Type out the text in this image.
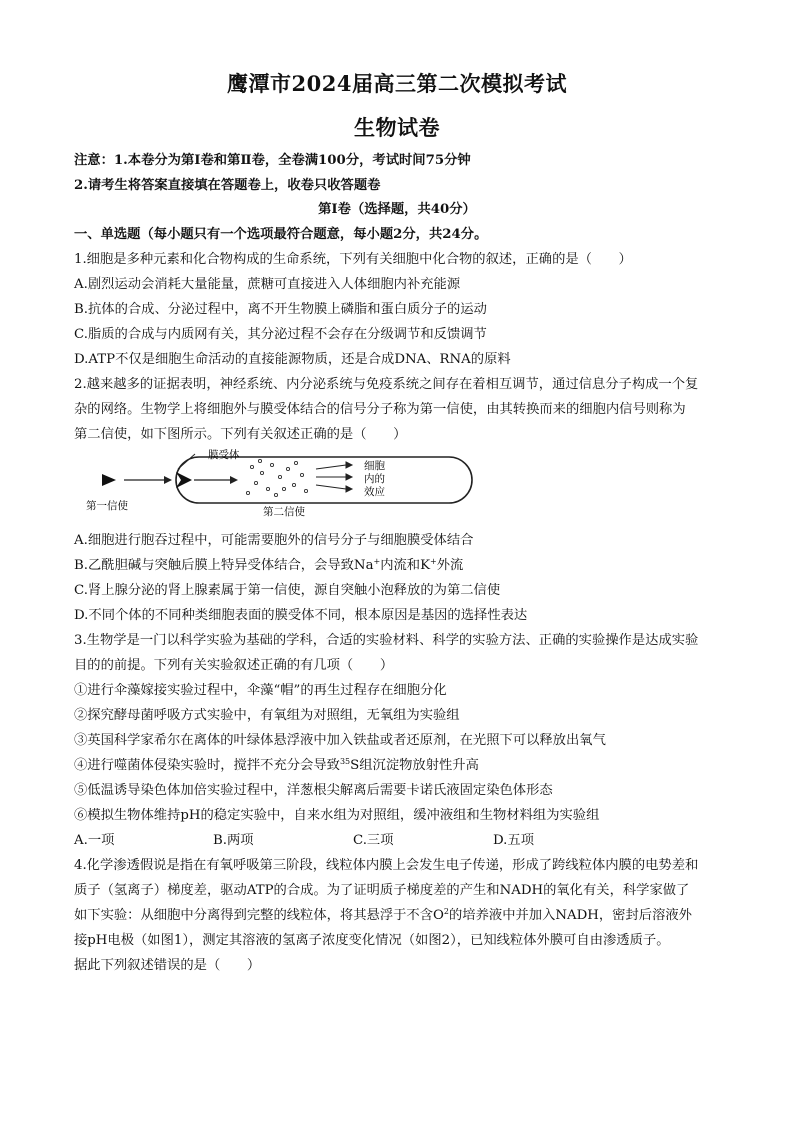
鹰潭市2024届高三第二次模拟考试
生物试卷
注意：1.本卷分为第Ⅰ卷和第Ⅱ卷，全卷满100分，考试时间75分钟
2.请考生将答案直接填在答题卷上，收卷只收答题卷
第Ⅰ卷（选择题，共40分）
一、单选题（每小题只有一个选项最符合题意，每小题2分，共24分。
1.细胞是多种元素和化合物构成的生命系统，下列有关细胞中化合物的叙述，正确的是（　　）
A.剧烈运动会消耗大量能量，蔗糖可直接进入人体细胞内补充能源
B.抗体的合成、分泌过程中，离不开生物膜上磷脂和蛋白质分子的运动
C.脂质的合成与内质网有关，其分泌过程不会存在分级调节和反馈调节
D.ATP不仅是细胞生命活动的直接能源物质，还是合成DNA、RNA的原料
2.越来越多的证据表明，神经系统、内分泌系统与免疫系统之间存在着相互调节，通过信息分子构成一个复
杂的网络。生物学上将细胞外与膜受体结合的信号分子称为第一信使，由其转换而来的细胞内信号则称为
第二信使，如下图所示。下列有关叙述正确的是（　　）
第一信使
膜受体
第二信使
细胞
内的
效应
A.细胞进行胞吞过程中，可能需要胞外的信号分子与细胞膜受体结合
B.乙酰胆碱与突触后膜上特异受体结合，会导致Na+内流和K+外流
C.肾上腺分泌的肾上腺素属于第一信使，源自突触小泡释放的为第二信使
D.不同个体的不同种类细胞表面的膜受体不同，根本原因是基因的选择性表达
3.生物学是一门以科学实验为基础的学科，合适的实验材料、科学的实验方法、正确的实验操作是达成实验
目的的前提。下列有关实验叙述正确的有几项（　　）
①进行伞藻嫁接实验过程中，伞藻“帽”的再生过程存在细胞分化
②探究酵母菌呼吸方式实验中，有氧组为对照组，无氧组为实验组
③英国科学家希尔在离体的叶绿体悬浮液中加入铁盐或者还原剂，在光照下可以释放出氧气
④进行噬菌体侵染实验时，搅拌不充分会导致$^{35}$S组沉淀物放射性升高
⑤低温诱导染色体加倍实验过程中，洋葱根尖解离后需要卡诺氏液固定染色体形态
⑥模拟生物体维持pH的稳定实验中，自来水组为对照组，缓冲液组和生物材料组为实验组
A.一项	B.两项	C.三项	D.五项
4.化学渗透假说是指在有氧呼吸第三阶段，线粒体内膜上会发生电子传递，形成了跨线粒体内膜的电势差和
质子（氢离子）梯度差，驱动ATP的合成。为了证明质子梯度差的产生和NADH的氧化有关，科学家做了
如下实验：从细胞中分离得到完整的线粒体，将其悬浮于不含$O^2$的培养液中并加入NADH，密封后溶液外
接pH电极（如图1），测定其溶液的氢离子浓度变化情况（如图2），已知线粒体外膜可自由渗透质子。
据此下列叙述错误的是（　　）
